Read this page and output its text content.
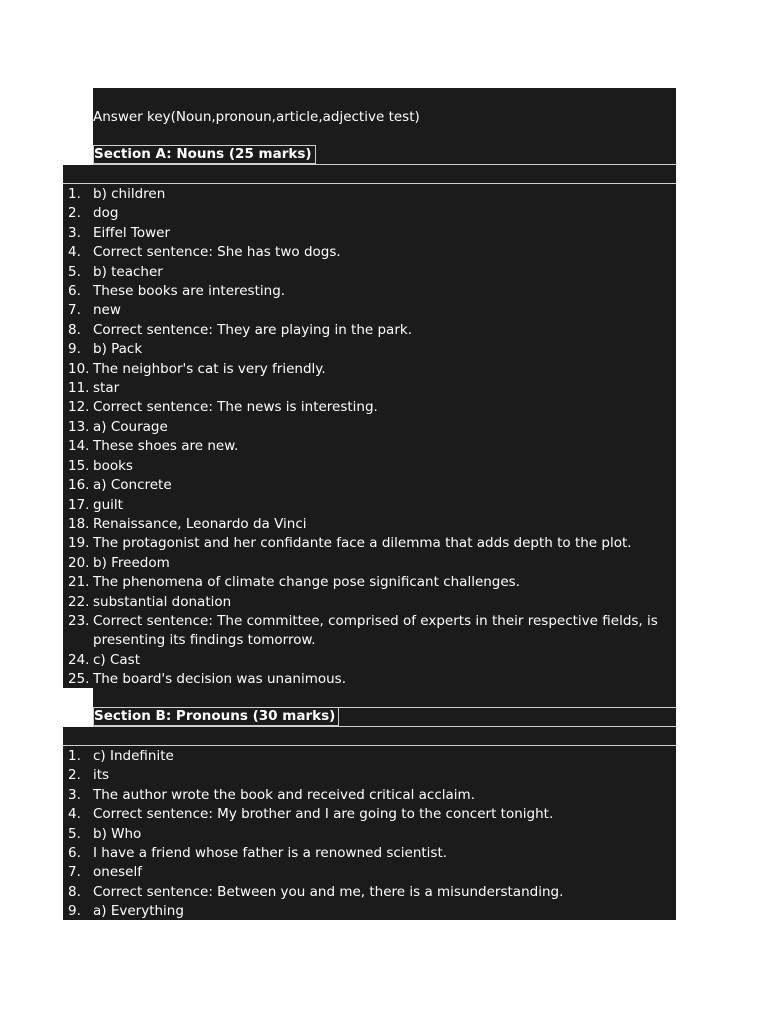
Answer key(Noun,pronoun,article,adjective test)
Section A: Nouns (25 marks)
1. b) children
2. dog
3. Eiffel Tower
4. Correct sentence: She has two dogs.
5. b) teacher
6. These books are interesting.
7. new
8. Correct sentence: They are playing in the park.
9. b) Pack
10. The neighbor's cat is very friendly.
11. star
12. Correct sentence: The news is interesting.
13. a) Courage
14. These shoes are new.
15. books
16. a) Concrete
17. guilt
18. Renaissance, Leonardo da Vinci
19. The protagonist and her confidante face a dilemma that adds depth to the plot.
20. b) Freedom
21. The phenomena of climate change pose significant challenges.
22. substantial donation
23. Correct sentence: The committee, comprised of experts in their respective fields, is presenting its findings tomorrow.
24. c) Cast
25. The board's decision was unanimous.
Section B: Pronouns (30 marks)
1. c) Indefinite
2. its
3. The author wrote the book and received critical acclaim.
4. Correct sentence: My brother and I are going to the concert tonight.
5. b) Who
6. I have a friend whose father is a renowned scientist.
7. oneself
8. Correct sentence: Between you and me, there is a misunderstanding.
9. a) Everything
